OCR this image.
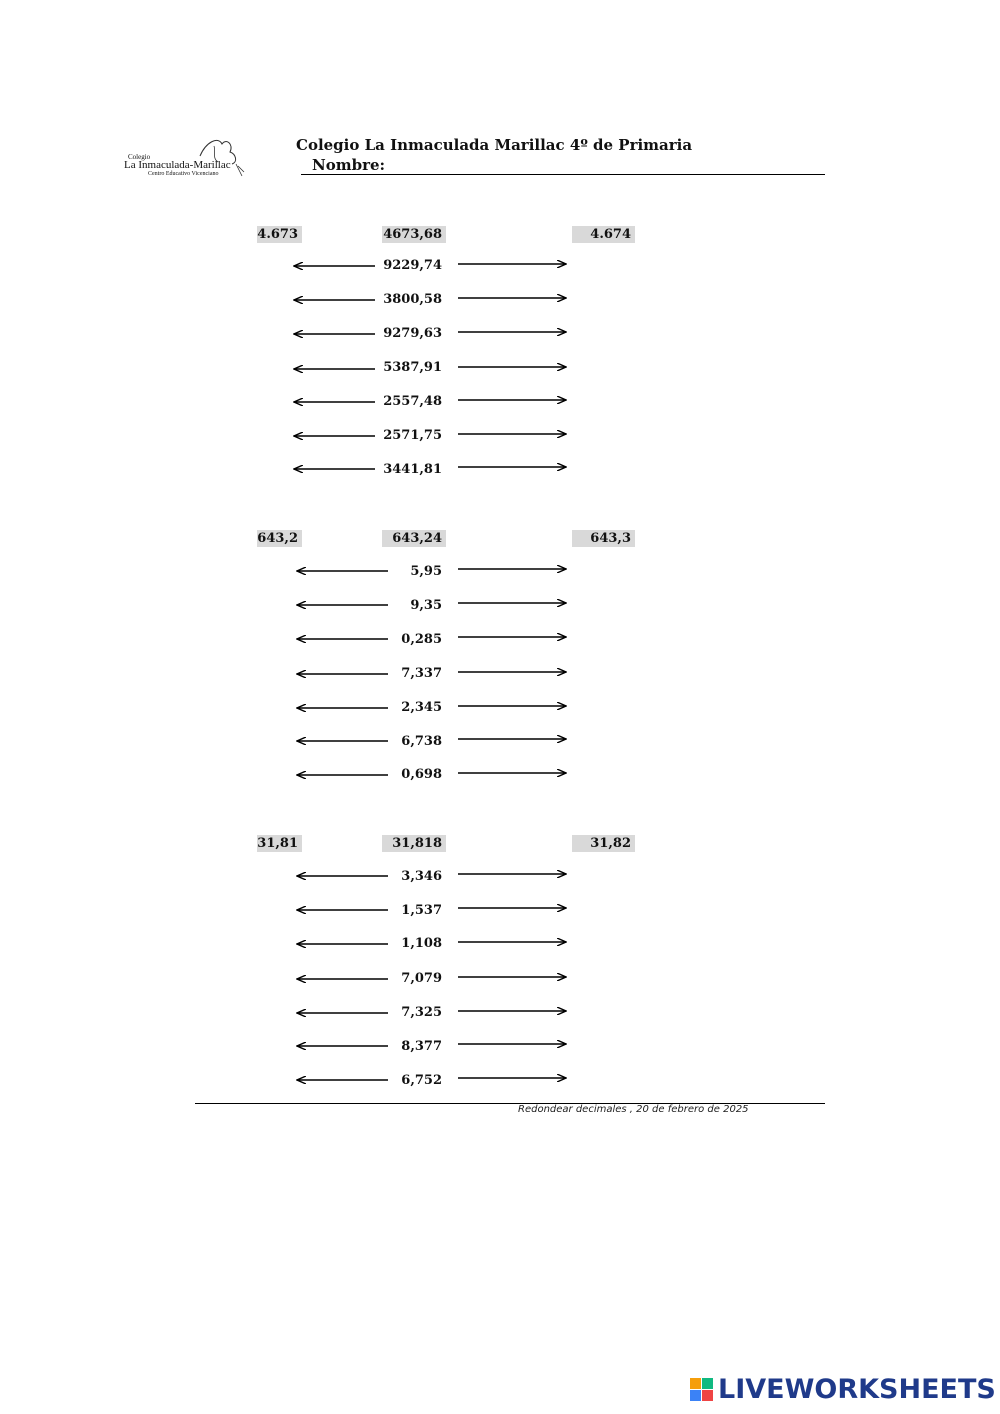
Colegio
La Inmaculada-Marillac
Centro Educativo Vicenciano
Colegio La Inmaculada Marillac 4º de Primaria
Nombre:
4.673	4673,68	4.674
9229,74
3800,58
9279,63
5387,91
2557,48
2571,75
3441,81
643,2	643,24	643,3
5,95
9,35
0,285
7,337
2,345
6,738
0,698
31,81	31,818	31,82
3,346
1,537
1,108
7,079
7,325
8,377
6,752
Redondear decimales , 20 de febrero de 2025
LIVEWORKSHEETS
